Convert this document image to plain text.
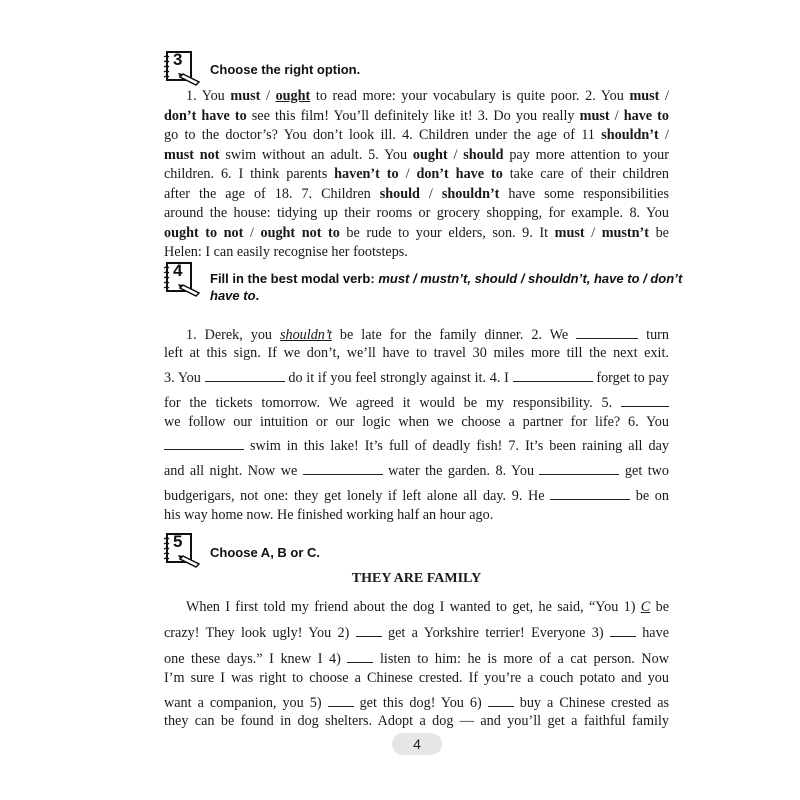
3
Choose the right option.
1. You must / ought to read more: your vocabulary is quite poor. 2. You must /
don’t have to see this film! You’ll definitely like it! 3. Do you really must / have to
go to the doctor’s? You don’t look ill. 4. Children under the age of 11 shouldn’t /
must not swim without an adult. 5. You ought / should pay more attention to your
children. 6. I think parents haven’t to / don’t have to take care of their children
after the age of 18. 7. Children should / shouldn’t have some responsibilities
around the house: tidying up their rooms or grocery shopping, for example. 8. You
ought to not / ought not to be rude to your elders, son. 9. It must / mustn’t be
Helen: I can easily recognise her footsteps.
4 Fill in the best modal verb: must / mustn’t, should / shouldn’t, have to / don’t
have to.
1. Derek, you shouldn’t be late for the family dinner. 2. We	turn
left at this sign. If we don’t, we’ll have to travel 30 miles more till the next exit.
3. You	do it if you feel strongly against it. 4. I	forget to pay
for the tickets tomorrow. We agreed it would be my responsibility. 5.
we follow our intuition or our logic when we choose a partner for life? 6. You
swim in this lake! It’s full of deadly fish! 7. It’s been raining all day
and all night. Now we	water the garden. 8. You	get two
budgerigars, not one: they get lonely if left alone all day. 9. He	be on
his way home now. He finished working half an hour ago.
5
Choose A, B or C.
THEY ARE FAMILY
When I first told my friend about the dog I wanted to get, he said, “You 1) C be
crazy! They look ugly! You 2)  get a Yorkshire terrier! Everyone 3)  have
one these days.” I knew I 4)  listen to him: he is more of a cat person. Now
I’m sure I was right to choose a Chinese crested. If you’re a couch potato and you
want a companion, you 5)  get this dog! You 6)  buy a Chinese crested as
they can be found in dog shelters. Adopt a dog — and you’ll get a faithful family
4
